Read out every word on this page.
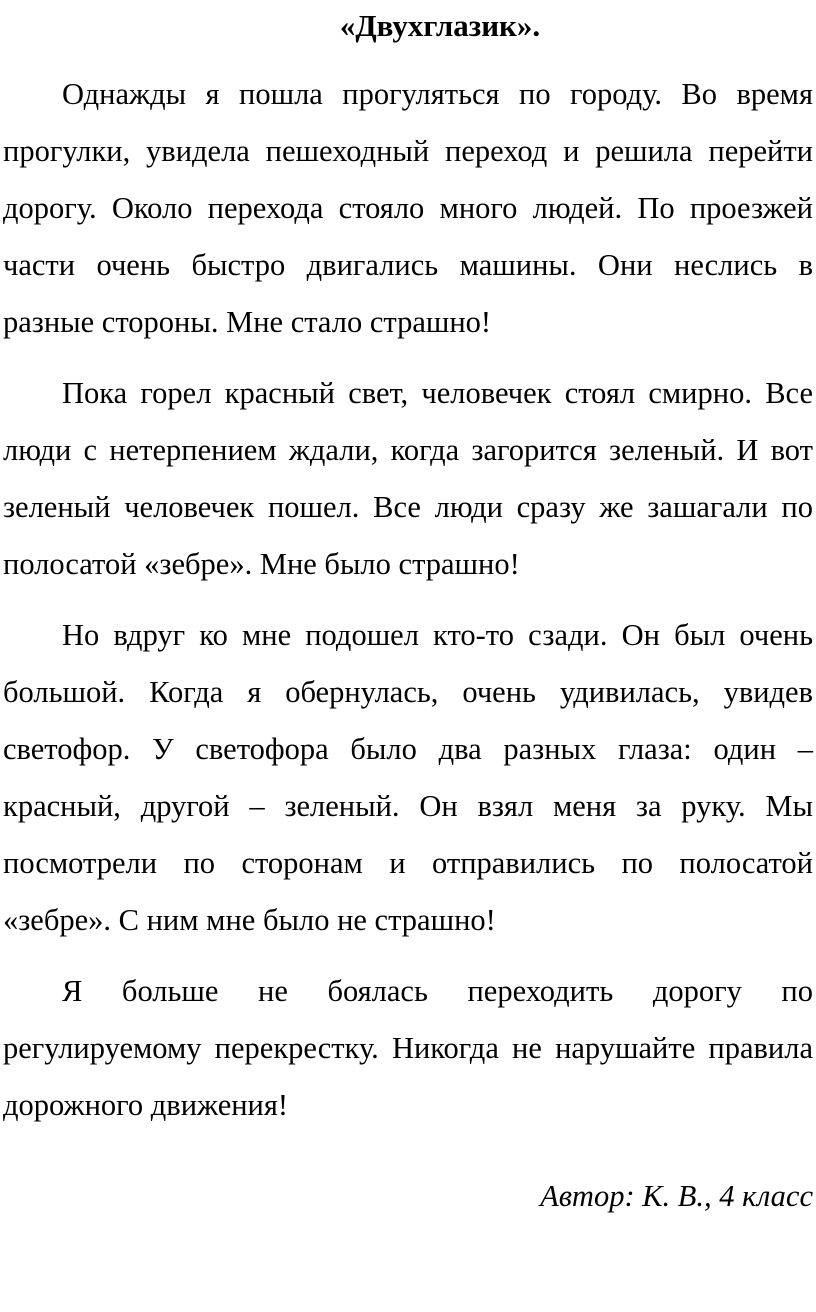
«Двухглазик».

Однажды я пошла прогуляться по городу. Во время прогулки, увидела пешеходный переход и решила перейти дорогу. Около перехода стояло много людей. По проезжей части очень быстро двигались машины. Они неслись в разные стороны. Мне стало страшно!

Пока горел красный свет, человечек стоял смирно. Все люди с нетерпением ждали, когда загорится зеленый. И вот зеленый человечек пошел. Все люди сразу же зашагали по полосатой «зебре». Мне было страшно!

Но вдруг ко мне подошел кто-то сзади. Он был очень большой. Когда я обернулась, очень удивилась, увидев светофор. У светофора было два разных глаза: один – красный, другой – зеленый. Он взял меня за руку. Мы посмотрели по сторонам и отправились по полосатой «зебре». С ним мне было не страшно!

Я больше не боялась переходить дорогу по регулируемому перекрестку. Никогда не нарушайте правила дорожного движения!

Автор: К. В., 4 класс
